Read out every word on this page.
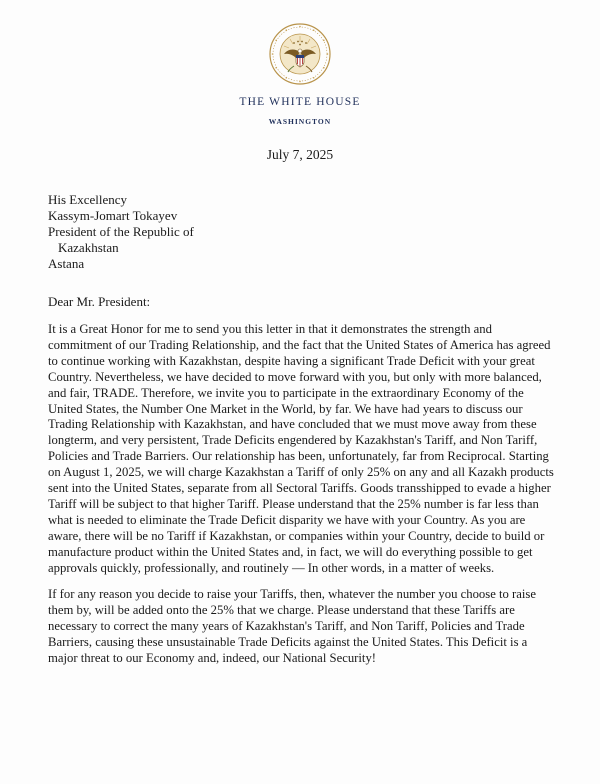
THE WHITE HOUSE
WASHINGTON
July 7, 2025
His Excellency
Kassym-Jomart Tokayev
President of the Republic of
Kazakhstan
Astana
Dear Mr. President:

It is a Great Honor for me to send you this letter in that it demonstrates the strength and commitment of our Trading Relationship, and the fact that the United States of America has agreed to continue working with Kazakhstan, despite having a significant Trade Deficit with your great Country. Nevertheless, we have decided to move forward with you, but only with more balanced, and fair, TRADE. Therefore, we invite you to participate in the extraordinary Economy of the United States, the Number One Market in the World, by far. We have had years to discuss our Trading Relationship with Kazakhstan, and have concluded that we must move away from these longterm, and very persistent, Trade Deficits engendered by Kazakhstan's Tariff, and Non Tariff, Policies and Trade Barriers. Our relationship has been, unfortunately, far from Reciprocal. Starting on August 1, 2025, we will charge Kazakhstan a Tariff of only 25% on any and all Kazakh products sent into the United States, separate from all Sectoral Tariffs. Goods transshipped to evade a higher Tariff will be subject to that higher Tariff. Please understand that the 25% number is far less than what is needed to eliminate the Trade Deficit disparity we have with your Country. As you are aware, there will be no Tariff if Kazakhstan, or companies within your Country, decide to build or manufacture product within the United States and, in fact, we will do everything possible to get approvals quickly, professionally, and routinely — In other words, in a matter of weeks.

If for any reason you decide to raise your Tariffs, then, whatever the number you choose to raise them by, will be added onto the 25% that we charge. Please understand that these Tariffs are necessary to correct the many years of Kazakhstan's Tariff, and Non Tariff, Policies and Trade Barriers, causing these unsustainable Trade Deficits against the United States. This Deficit is a major threat to our Economy and, indeed, our National Security!
